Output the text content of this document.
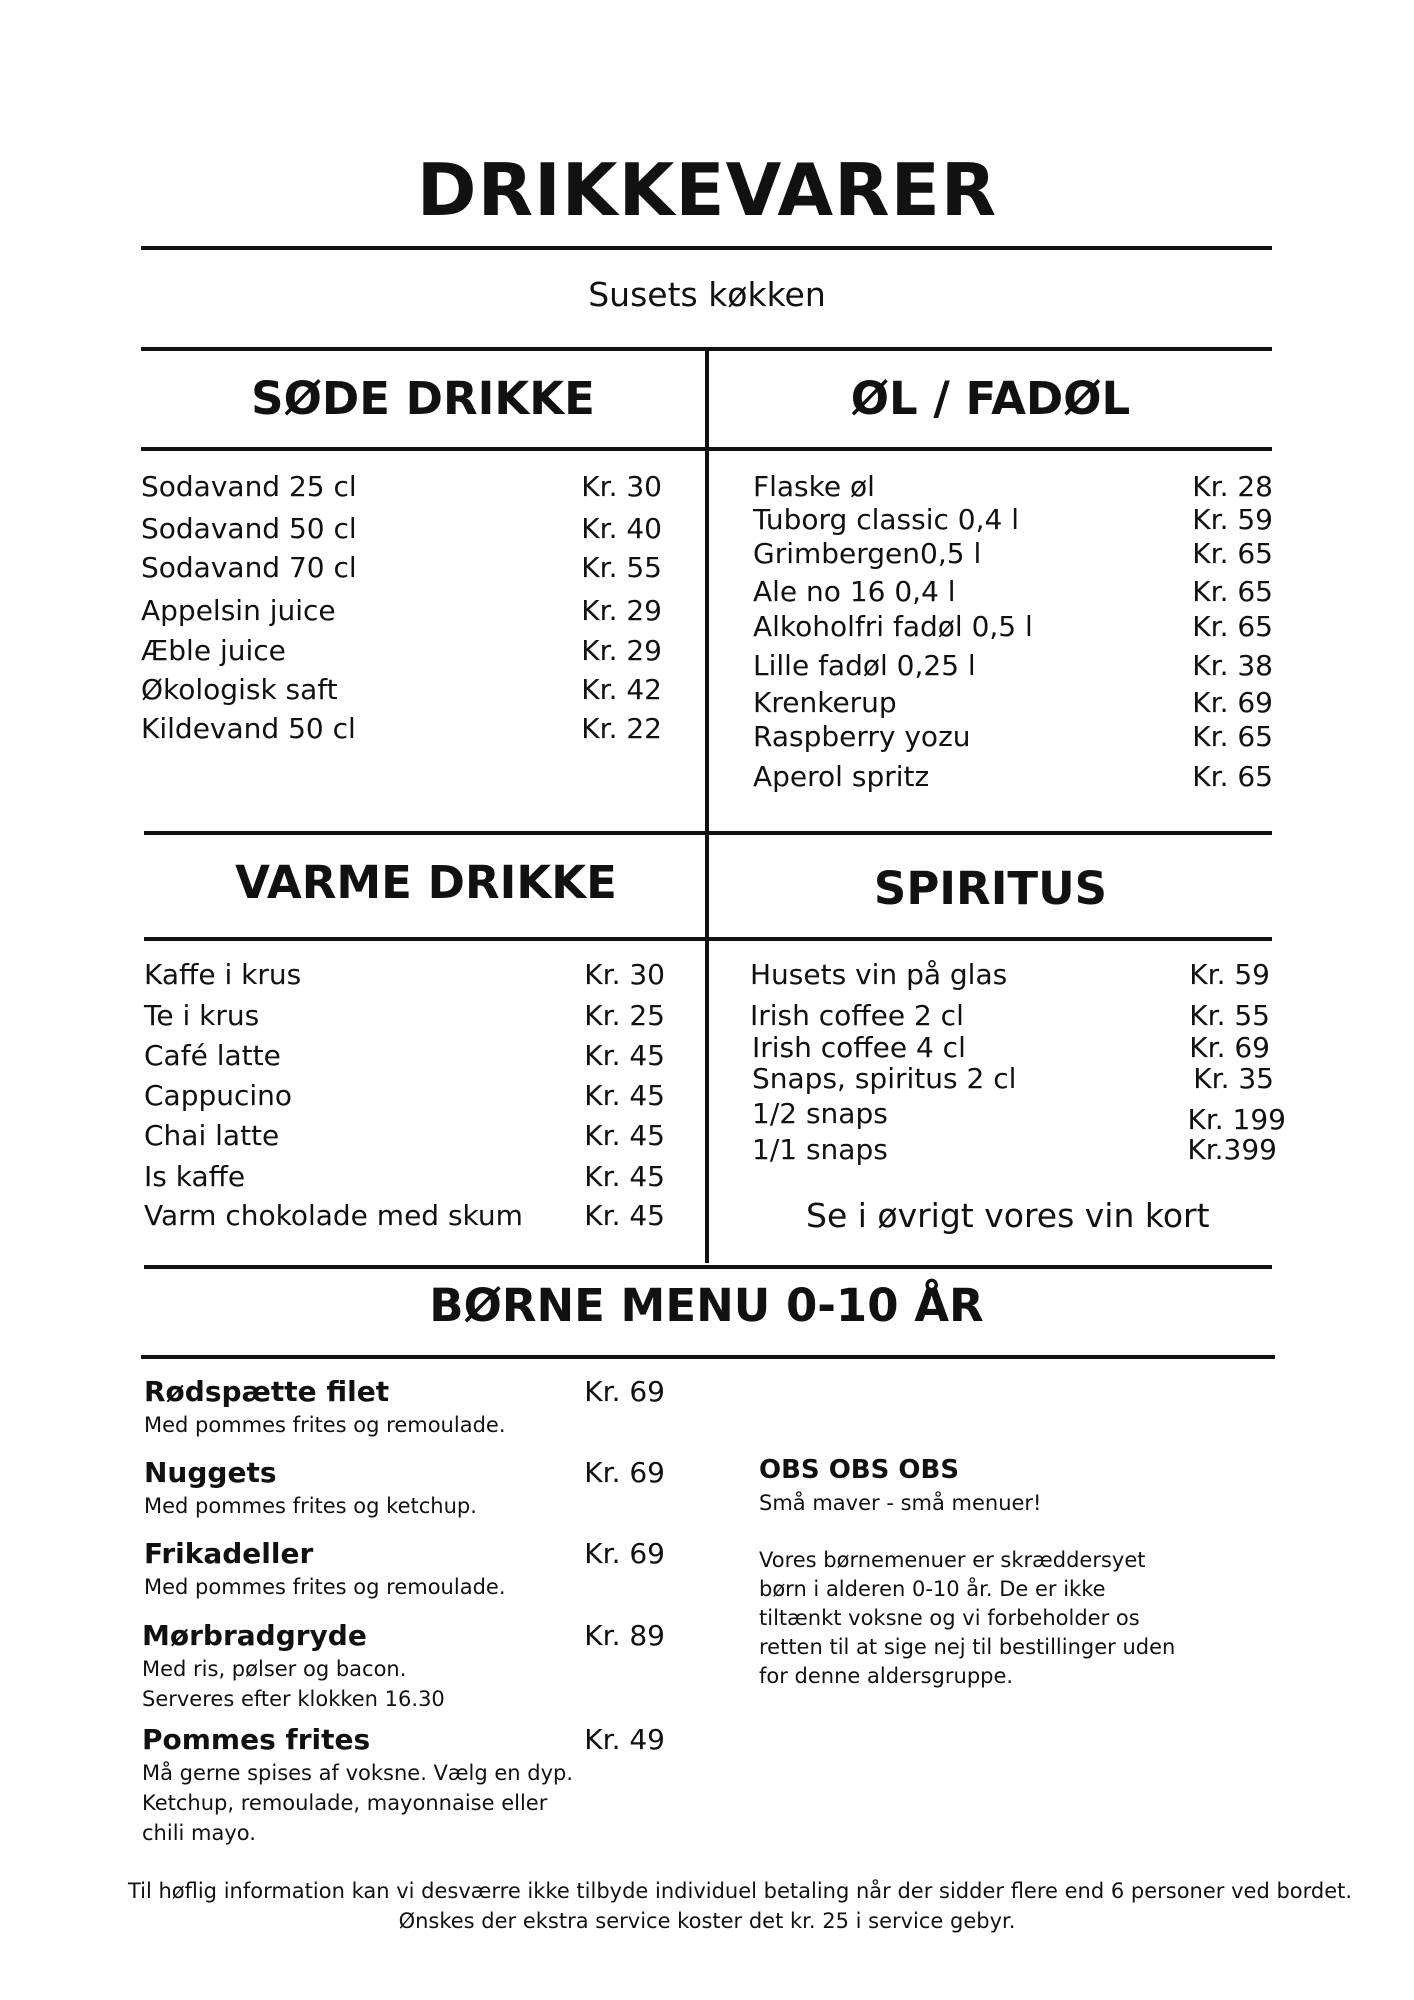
DRIKKEVARER
Susets køkken
SØDE DRIKKE
Sodavand 25 cl	Kr. 30
Sodavand 50 cl	Kr. 40
Sodavand 70 cl	Kr. 55
Appelsin juice	Kr. 29
Æble juice	Kr. 29
Økologisk saft	Kr. 42
Kildevand 50 cl	Kr. 22
ØL / FADØL
Flaske øl	Kr. 28
Tuborg classic 0,4 l	Kr. 59
Grimbergen0,5 l	Kr. 65
Ale no 16 0,4 l	Kr. 65
Alkoholfri fadøl 0,5 l	Kr. 65
Lille fadøl 0,25 l	Kr. 38
Krenkerup	Kr. 69
Raspberry yozu	Kr. 65
Aperol spritz	Kr. 65
VARME DRIKKE
Kaffe i krus	Kr. 30
Te i krus	Kr. 25
Café latte	Kr. 45
Cappucino	Kr. 45
Chai latte	Kr. 45
Is kaffe	Kr. 45
Varm chokolade med skum Kr. 45
SPIRITUS
Husets vin på glas	Kr. 59
Irish coffee 2 cl	Kr. 55
Irish coffee 4 cl	Kr. 69
Snaps, spiritus 2 cl	Kr. 35
1/2 snaps	Kr. 199
1/1 snaps	Kr.399
Se i øvrigt vores vin kort
BØRNE MENU 0-10 ÅR
Rødspætte filet	Kr. 69
Med pommes frites og remoulade.
Nuggets	Kr. 69
Med pommes frites og ketchup.
Frikadeller	Kr. 69
Med pommes frites og remoulade.
Mørbradgryde	Kr. 89
Med ris, pølser og bacon.
Serveres efter klokken 16.30
Pommes frites	Kr. 49
Må gerne spises af voksne. Vælg en dyp.
Ketchup, remoulade, mayonnaise eller
chili mayo.
OBS OBS OBS
Små maver - små menuer!
Vores børnemenuer er skræddersyet
børn i alderen 0-10 år. De er ikke
tiltænkt voksne og vi forbeholder os
retten til at sige nej til bestillinger uden
for denne aldersgruppe.
Til høflig information kan vi desværre ikke tilbyde individuel betaling når der sidder flere end 6 personer ved bordet.
Ønskes der ekstra service koster det kr. 25 i service gebyr.
